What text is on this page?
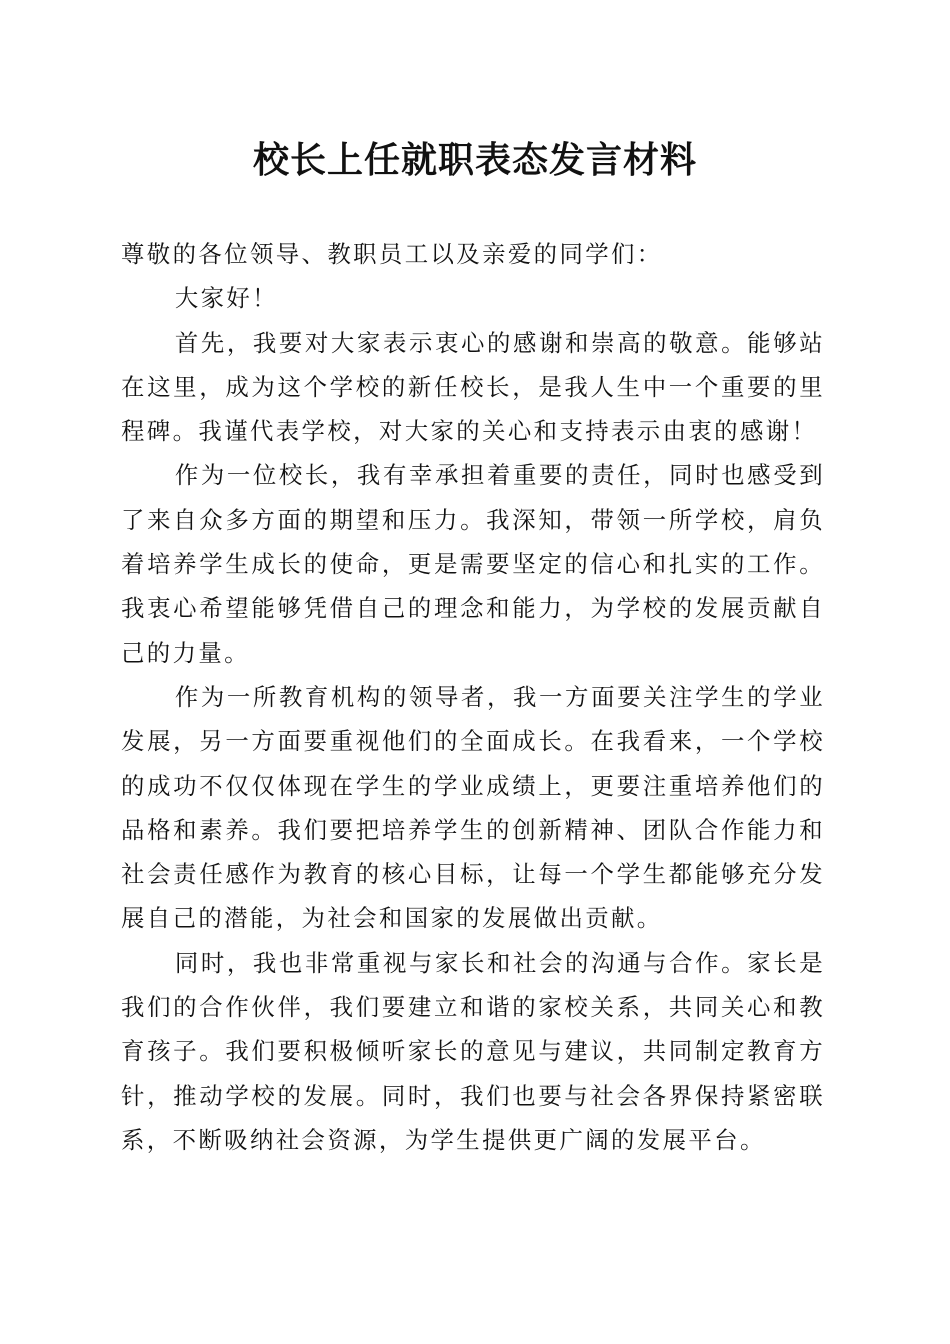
校长上任就职表态发言材料

尊敬的各位领导、教职员工以及亲爱的同学们：

大家好！

首先，我要对大家表示衷心的感谢和崇高的敬意。能够站在这里，成为这个学校的新任校长，是我人生中一个重要的里程碑。我谨代表学校，对大家的关心和支持表示由衷的感谢！

作为一位校长，我有幸承担着重要的责任，同时也感受到了来自众多方面的期望和压力。我深知，带领一所学校，肩负着培养学生成长的使命，更是需要坚定的信心和扎实的工作。我衷心希望能够凭借自己的理念和能力，为学校的发展贡献自己的力量。

作为一所教育机构的领导者，我一方面要关注学生的学业发展，另一方面要重视他们的全面成长。在我看来，一个学校的成功不仅仅体现在学生的学业成绩上，更要注重培养他们的品格和素养。我们要把培养学生的创新精神、团队合作能力和社会责任感作为教育的核心目标，让每一个学生都能够充分发展自己的潜能，为社会和国家的发展做出贡献。

同时，我也非常重视与家长和社会的沟通与合作。家长是我们的合作伙伴，我们要建立和谐的家校关系，共同关心和教育孩子。我们要积极倾听家长的意见与建议，共同制定教育方针，推动学校的发展。同时，我们也要与社会各界保持紧密联系，不断吸纳社会资源，为学生提供更广阔的发展平台。
